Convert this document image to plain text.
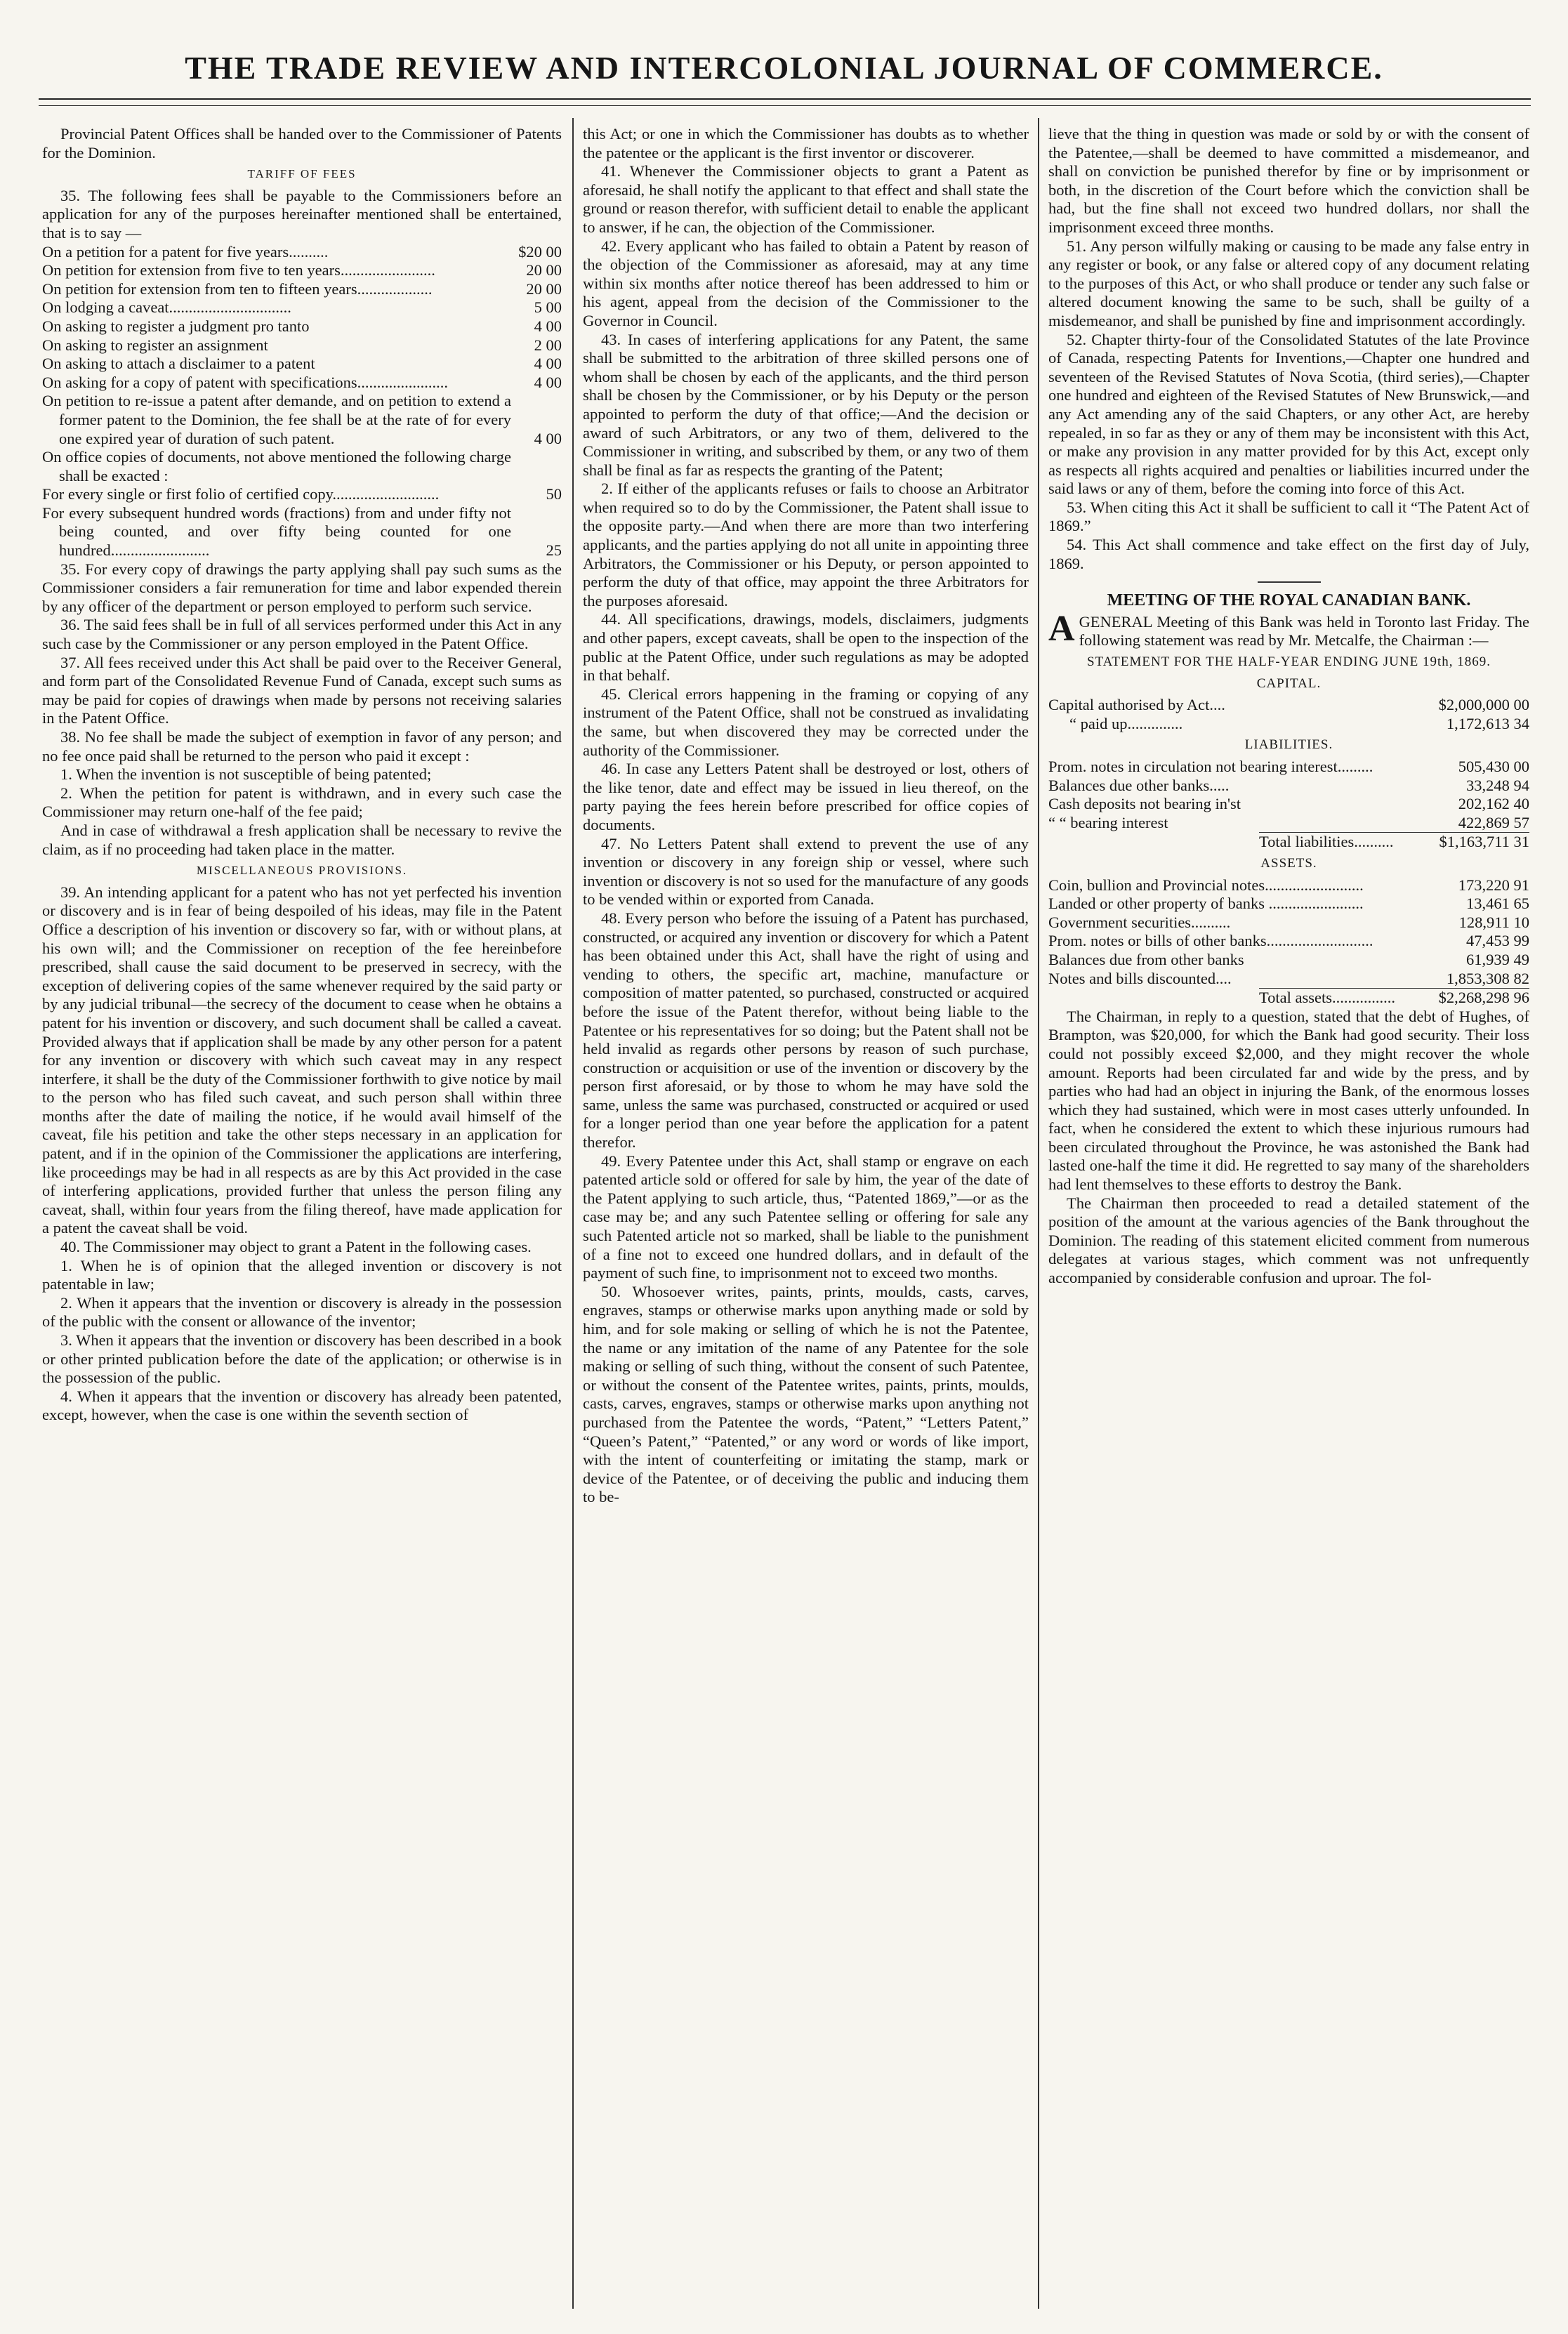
THE TRADE REVIEW AND INTERCOLONIAL JOURNAL OF COMMERCE.

Provincial Patent Offices shall be handed over to the Commissioner of Patents for the Dominion.

TARIFF OF FEES

35. The following fees shall be payable to the Commissioners before an application for any of the purposes hereinafter mentioned shall be entertained, that is to say —

On a petition for a patent for five years..........	$20 00
On petition for extension from five to ten years........................	20 00
On petition for extension from ten to fifteen years...................	20 00
On lodging a caveat...............................	5 00
On asking to register a judgment pro tanto	4 00
On asking to register an assignment	2 00
On asking to attach a disclaimer to a patent	4 00
On asking for a copy of patent with specifications.......................	4 00
On petition to re-issue a patent after demande, and on petition to extend a former patent to the Dominion, the fee shall be at the rate of for every one expired year of duration of such patent.	4 00
On office copies of documents, not above mentioned the following charge shall be exacted :
For every single or first folio of certified copy...........................	50
For every subsequent hundred words (fractions) from and under fifty not being counted, and over fifty being counted for one hundred.........................	25

35. For every copy of drawings the party applying shall pay such sums as the Commissioner considers a fair remuneration for time and labor expended therein by any officer of the department or person employed to perform such service.

36. The said fees shall be in full of all services performed under this Act in any such case by the Commissioner or any person employed in the Patent Office.

37. All fees received under this Act shall be paid over to the Receiver General, and form part of the Consolidated Revenue Fund of Canada, except such sums as may be paid for copies of drawings when made by persons not receiving salaries in the Patent Office.

38. No fee shall be made the subject of exemption in favor of any person; and no fee once paid shall be returned to the person who paid it except :

1. When the invention is not susceptible of being patented;

2. When the petition for patent is withdrawn, and in every such case the Commissioner may return one-half of the fee paid;

And in case of withdrawal a fresh application shall be necessary to revive the claim, as if no proceeding had taken place in the matter.

MISCELLANEOUS PROVISIONS.

39. An intending applicant for a patent who has not yet perfected his invention or discovery and is in fear of being despoiled of his ideas, may file in the Patent Office a description of his invention or discovery so far, with or without plans, at his own will; and the Commissioner on reception of the fee hereinbefore prescribed, shall cause the said document to be preserved in secrecy, with the exception of delivering copies of the same whenever required by the said party or by any judicial tribunal—the secrecy of the document to cease when he obtains a patent for his invention or discovery, and such document shall be called a caveat. Provided always that if application shall be made by any other person for a patent for any invention or discovery with which such caveat may in any respect interfere, it shall be the duty of the Commissioner forthwith to give notice by mail to the person who has filed such caveat, and such person shall within three months after the date of mailing the notice, if he would avail himself of the caveat, file his petition and take the other steps necessary in an application for patent, and if in the opinion of the Commissioner the applications are interfering, like proceedings may be had in all respects as are by this Act provided in the case of interfering applications, provided further that unless the person filing any caveat, shall, within four years from the filing thereof, have made application for a patent the caveat shall be void.

40. The Commissioner may object to grant a Patent in the following cases.

1. When he is of opinion that the alleged invention or discovery is not patentable in law;

2. When it appears that the invention or discovery is already in the possession of the public with the consent or allowance of the inventor;

3. When it appears that the invention or discovery has been described in a book or other printed publication before the date of the application; or otherwise is in the possession of the public.

4. When it appears that the invention or discovery has already been patented, except, however, when the case is one within the seventh section of

this Act; or one in which the Commissioner has doubts as to whether the patentee or the applicant is the first inventor or discoverer.

41. Whenever the Commissioner objects to grant a Patent as aforesaid, he shall notify the applicant to that effect and shall state the ground or reason therefor, with sufficient detail to enable the applicant to answer, if he can, the objection of the Commissioner.

42. Every applicant who has failed to obtain a Patent by reason of the objection of the Commissioner as aforesaid, may at any time within six months after notice thereof has been addressed to him or his agent, appeal from the decision of the Commissioner to the Governor in Council.

43. In cases of interfering applications for any Patent, the same shall be submitted to the arbitration of three skilled persons one of whom shall be chosen by each of the applicants, and the third person shall be chosen by the Commissioner, or by his Deputy or the person appointed to perform the duty of that office;—And the decision or award of such Arbitrators, or any two of them, delivered to the Commissioner in writing, and subscribed by them, or any two of them shall be final as far as respects the granting of the Patent;

2. If either of the applicants refuses or fails to choose an Arbitrator when required so to do by the Commissioner, the Patent shall issue to the opposite party.—And when there are more than two interfering applicants, and the parties applying do not all unite in appointing three Arbitrators, the Commissioner or his Deputy, or person appointed to perform the duty of that office, may appoint the three Arbitrators for the purposes aforesaid.

44. All specifications, drawings, models, disclaimers, judgments and other papers, except caveats, shall be open to the inspection of the public at the Patent Office, under such regulations as may be adopted in that behalf.

45. Clerical errors happening in the framing or copying of any instrument of the Patent Office, shall not be construed as invalidating the same, but when discovered they may be corrected under the authority of the Commissioner.

46. In case any Letters Patent shall be destroyed or lost, others of the like tenor, date and effect may be issued in lieu thereof, on the party paying the fees herein before prescribed for office copies of documents.

47. No Letters Patent shall extend to prevent the use of any invention or discovery in any foreign ship or vessel, where such invention or discovery is not so used for the manufacture of any goods to be vended within or exported from Canada.

48. Every person who before the issuing of a Patent has purchased, constructed, or acquired any invention or discovery for which a Patent has been obtained under this Act, shall have the right of using and vending to others, the specific art, machine, manufacture or composition of matter patented, so purchased, constructed or acquired before the issue of the Patent therefor, without being liable to the Patentee or his representatives for so doing; but the Patent shall not be held invalid as regards other persons by reason of such purchase, construction or acquisition or use of the invention or discovery by the person first aforesaid, or by those to whom he may have sold the same, unless the same was purchased, constructed or acquired or used for a longer period than one year before the application for a patent therefor.

49. Every Patentee under this Act, shall stamp or engrave on each patented article sold or offered for sale by him, the year of the date of the Patent applying to such article, thus, “Patented 1869,”—or as the case may be; and any such Patentee selling or offering for sale any such Patented article not so marked, shall be liable to the punishment of a fine not to exceed one hundred dollars, and in default of the payment of such fine, to imprisonment not to exceed two months.

50. Whosoever writes, paints, prints, moulds, casts, carves, engraves, stamps or otherwise marks upon anything made or sold by him, and for sole making or selling of which he is not the Patentee, the name or any imitation of the name of any Patentee for the sole making or selling of such thing, without the consent of such Patentee, or without the consent of the Patentee writes, paints, prints, moulds, casts, carves, engraves, stamps or otherwise marks upon anything not purchased from the Patentee the words, “Patent,” “Letters Patent,” “Queen’s Patent,” “Patented,” or any word or words of like import, with the intent of counterfeiting or imitating the stamp, mark or device of the Patentee, or of deceiving the public and inducing them to be-

lieve that the thing in question was made or sold by or with the consent of the Patentee,—shall be deemed to have committed a misdemeanor, and shall on conviction be punished therefor by fine or by imprisonment or both, in the discretion of the Court before which the conviction shall be had, but the fine shall not exceed two hundred dollars, nor shall the imprisonment exceed three months.

51. Any person wilfully making or causing to be made any false entry in any register or book, or any false or altered copy of any document relating to the purposes of this Act, or who shall produce or tender any such false or altered document knowing the same to be such, shall be guilty of a misdemeanor, and shall be punished by fine and imprisonment accordingly.

52. Chapter thirty-four of the Consolidated Statutes of the late Province of Canada, respecting Patents for Inventions,—Chapter one hundred and seventeen of the Revised Statutes of Nova Scotia, (third series),—Chapter one hundred and eighteen of the Revised Statutes of New Brunswick,—and any Act amending any of the said Chapters, or any other Act, are hereby repealed, in so far as they or any of them may be inconsistent with this Act, or make any provision in any matter provided for by this Act, except only as respects all rights acquired and penalties or liabilities incurred under the said laws or any of them, before the coming into force of this Act.

53. When citing this Act it shall be sufficient to call it “The Patent Act of 1869.”

54. This Act shall commence and take effect on the first day of July, 1869.

MEETING OF THE ROYAL CANADIAN BANK.

AGENERAL Meeting of this Bank was held in Toronto last Friday. The following statement was read by Mr. Metcalfe, the Chairman :—

STATEMENT FOR THE HALF-YEAR ENDING JUNE 19th, 1869.
CAPITAL.
Capital authorised by Act....	$2,000,000 00
“ paid up..............	1,172,613 34
LIABILITIES.
Prom. notes in circulation not bearing interest.........	505,430 00
Balances due other banks.....	33,248 94
Cash deposits not bearing in'st	202,162 40
“ “ bearing interest	422,869 57
Total liabilities..........	$1,163,711 31
ASSETS.
Coin, bullion and Provincial notes.........................	173,220 91
Landed or other property of banks ........................	13,461 65
Government securities..........	128,911 10
Prom. notes or bills of other banks...........................	47,453 99
Balances due from other banks	61,939 49
Notes and bills discounted....	1,853,308 82
Total assets................	$2,268,298 96

The Chairman, in reply to a question, stated that the debt of Hughes, of Brampton, was $20,000, for which the Bank had good security. Their loss could not possibly exceed $2,000, and they might recover the whole amount. Reports had been circulated far and wide by the press, and by parties who had had an object in injuring the Bank, of the enormous losses which they had sustained, which were in most cases utterly unfounded. In fact, when he considered the extent to which these injurious rumours had been circulated throughout the Province, he was astonished the Bank had lasted one-half the time it did. He regretted to say many of the shareholders had lent themselves to these efforts to destroy the Bank.

The Chairman then proceeded to read a detailed statement of the position of the amount at the various agencies of the Bank throughout the Dominion. The reading of this statement elicited comment from numerous delegates at various stages, which comment was not unfrequently accompanied by considerable confusion and uproar. The fol-
